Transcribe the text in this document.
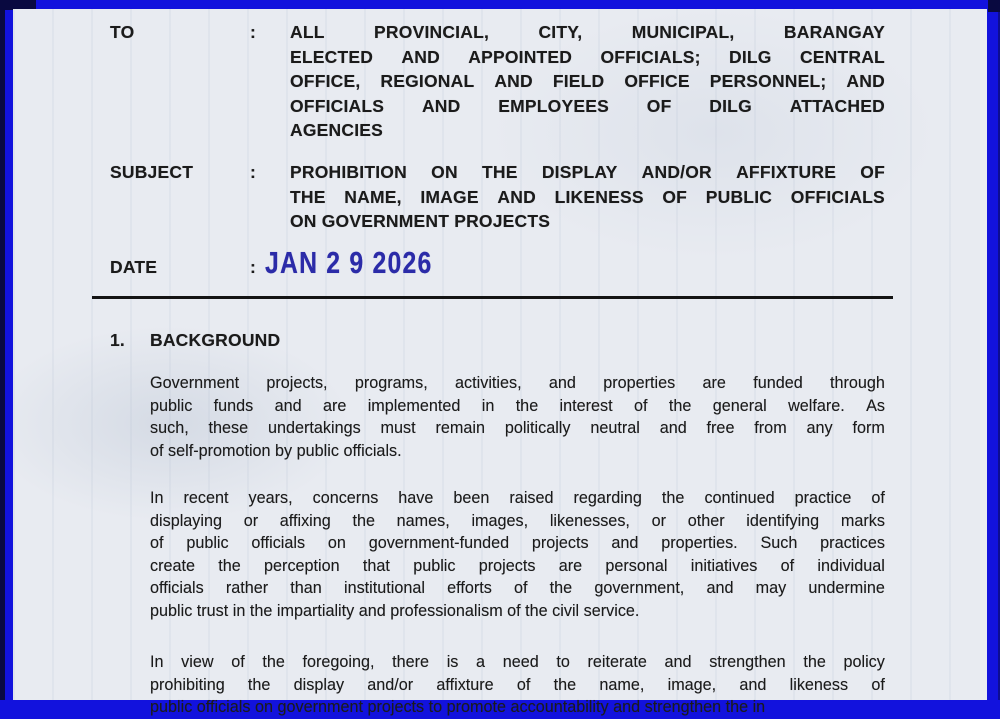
TO	:	ALL	PROVINCIAL,	CITY,	MUNICIPAL,	BARANGAY
ELECTED AND APPOINTED OFFICIALS; DILG CENTRAL
OFFICE, REGIONAL AND FIELD OFFICE PERSONNEL; AND
OFFICIALS AND EMPLOYEES OF DILG ATTACHED
AGENCIES
SUBJECT	:	PROHIBITION ON THE DISPLAY AND/OR AFFIXTURE OF
THE NAME, IMAGE AND LIKENESS OF PUBLIC OFFICIALS
ON GOVERNMENT PROJECTS
DATE	: JAN 2 9 2026
1.	BACKGROUND
Government projects, programs, activities, and properties are funded through
public funds and are implemented in the interest of the general welfare. As
such, these undertakings must remain politically neutral and free from any form
of self-promotion by public officials.
In recent years, concerns have been raised regarding the continued practice of
displaying or affixing the names, images, likenesses, or other identifying marks
of public officials on government-funded projects and properties. Such practices
create the perception that public projects are personal initiatives of individual
officials rather than institutional efforts of the government, and may undermine
public trust in the impartiality and professionalism of the civil service.
In view of the foregoing, there is a need to reiterate and strengthen the policy
prohibiting the display and/or affixture of the name, image, and likeness of
public officials on government projects to promote accountability and strengthen the in
